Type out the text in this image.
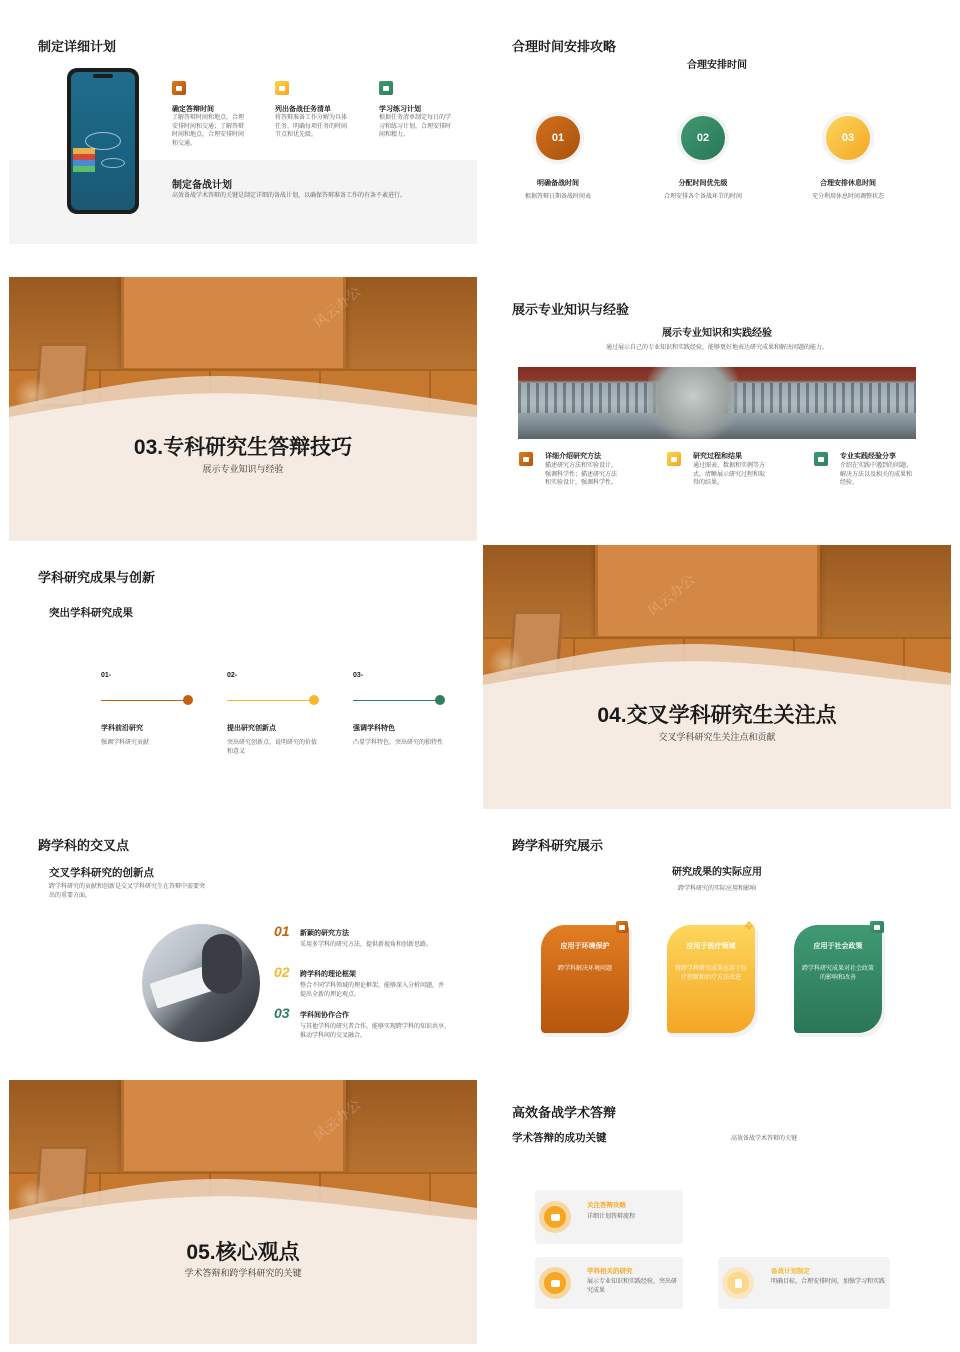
制定详细计划
确定答辩时间
了解答辩时间和地点，合理安排时间和交通；了解答辩时间和地点，合理安排时间和交通。
列出备战任务清单
将答辩准备工作分解为具体任务，明确每项任务的时间节点和优先级。
学习练习计划
根据任务清单制定每日的学习和练习计划，合理安排时间和精力。
制定备战计划
高效备战学术答辩的关键是制定详细的备战计划，以确保答辩准备工作的有条不紊进行。
合理时间安排攻略
合理安排时间
01	02	03
明确备战时间
根据答辩日期备战时间表
分配时间优先级
合理安排各个备战环节的时间
合理安排休息时间
充分利用休息时间调整状态
风云办公
03.专科研究生答辩技巧
展示专业知识与经验
展示专业知识与经验
展示专业知识和实践经验
通过展示自己的专业知识和实践经验，能够更好地表达研究成果和解决问题的能力。
详细介绍研究方法
描述研究方法和实验设计，强调科学性；描述研究方法和实验设计，强调科学性。
研究过程和结果
通过图表、数据和实例等方式，清晰展示研究过程和取得的结果。
专业实践经验分享
介绍在实践中遇到的问题、解决方法以及相关的成果和经验。
学科研究成果与创新
突出学科研究成果
01-
学科前沿研究
强调学科研究贡献
02-
提出研究创新点
突出研究创新点，说明研究的价值和意义
03-
强调学科特色
凸显学科特色，突出研究的独特性
风云办公
04.交叉学科研究生关注点
交叉学科研究生关注点和贡献
跨学科的交叉点
交叉学科研究的创新点
跨学科研究的贡献和创新是交叉学科研究生在答辩中需要突出的重要方面。
01 新颖的研究方法
采用多学科的研究方法，提供新视角和创新思路。
02 跨学科的理论框架
整合不同学科领域的理论框架，能够深入分析问题，并提出全新的理论观点。
03 学科间协作合作
与其他学科的研究者合作，能够实现跨学科的知识共享，推动学科间的交叉融合。
跨学科研究展示
研究成果的实际应用
跨学科研究的实际应用和影响
应用于环境保护
跨学科解决环境问题
应用于医疗领域
将跨学科研究成果应用于医疗创新和治疗方法改进
❖
应用于社会政策
跨学科研究成果对社会政策的影响和改善
风云办公
05.核心观点
学术答辩和跨学科研究的关键
高效备战学术答辩
学术答辩的成功关键	高效备战学术答辩的关键
关注答辩攻略
详细计划答辩流程
学科相关的研究
展示专业知识和实践经验，突出研究成果
备战计划制定
明确目标，合理安排时间，加强学习和实践
